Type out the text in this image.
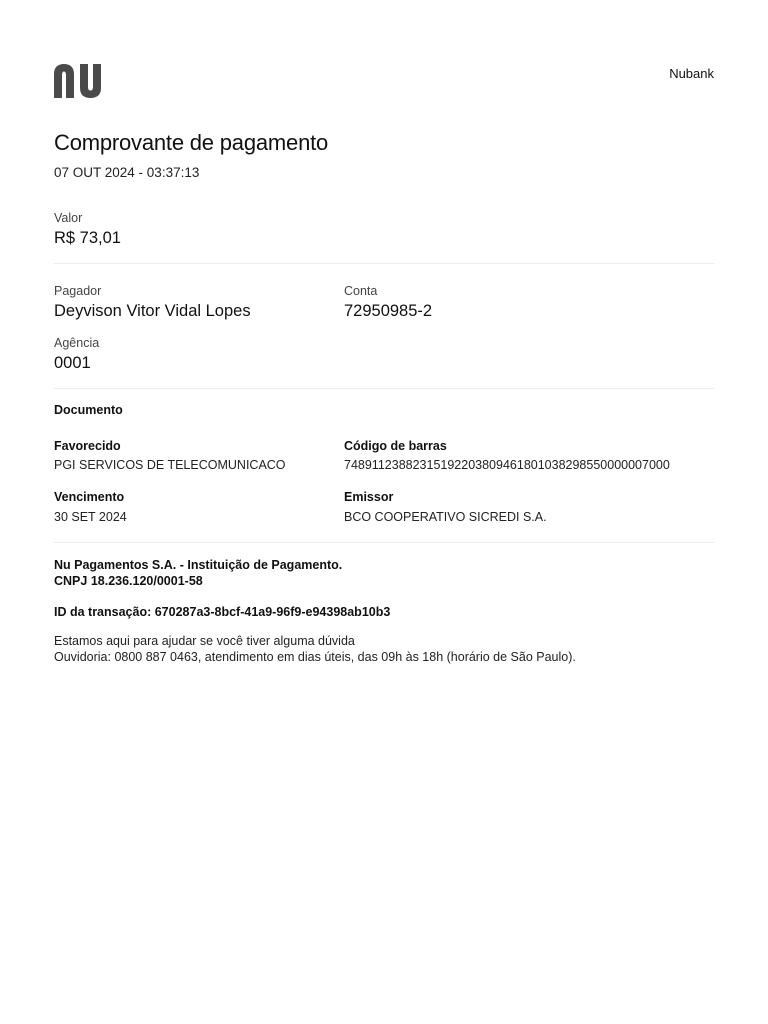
Nubank
Comprovante de pagamento
07 OUT 2024 - 03:37:13
Valor
R$ 73,01
Pagador
Deyvison Vitor Vidal Lopes
Conta
72950985-2
Agência
0001
Documento
Favorecido
PGI SERVICOS DE TELECOMUNICACO
Código de barras
74891123882315192203809461801038298550000007000
Vencimento
30 SET 2024
Emissor
BCO COOPERATIVO SICREDI S.A.
Nu Pagamentos S.A. - Instituição de Pagamento.
CNPJ 18.236.120/0001-58
ID da transação: 670287a3-8bcf-41a9-96f9-e94398ab10b3
Estamos aqui para ajudar se você tiver alguma dúvida
Ouvidoria: 0800 887 0463, atendimento em dias úteis, das 09h às 18h (horário de São Paulo).
